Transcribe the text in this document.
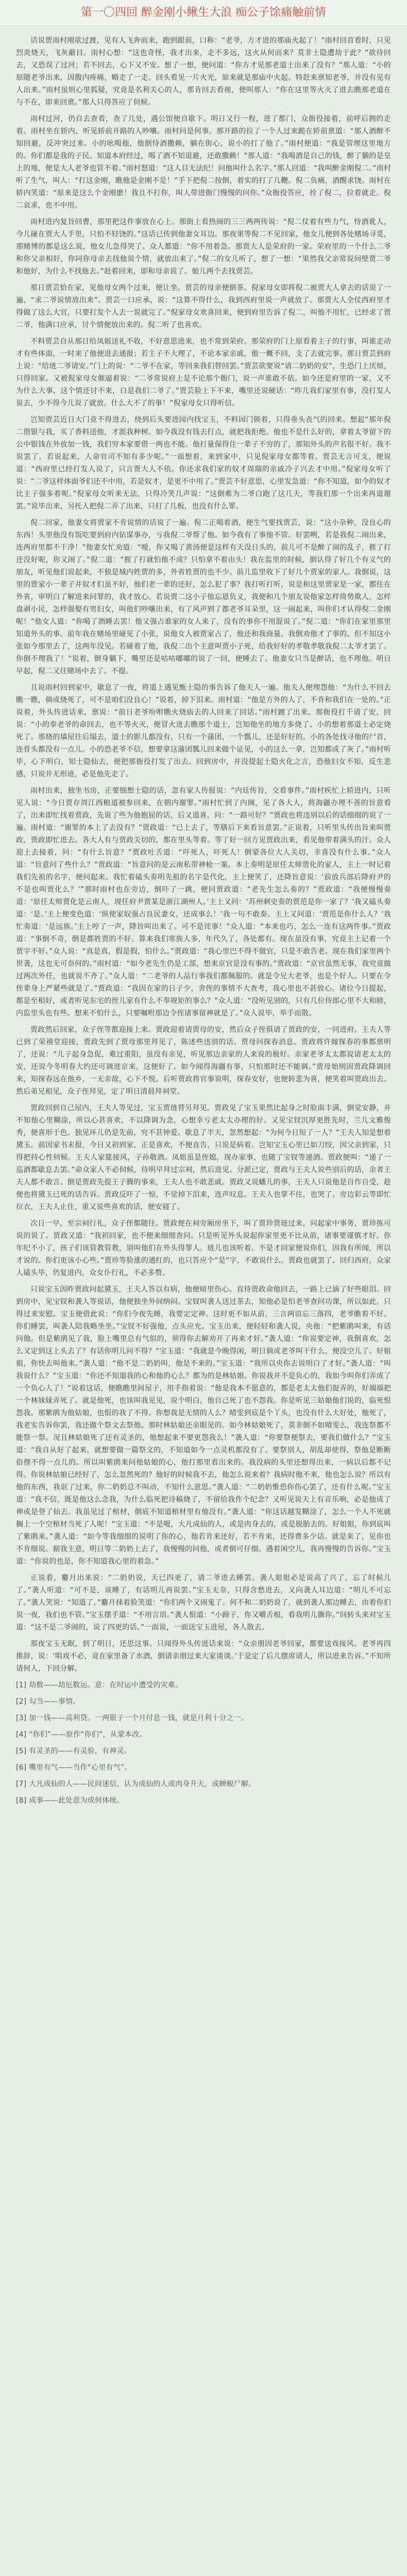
第一〇四回 醉金刚小鳅生大浪 痴公子馀痛触前情

话说贾雨村刚欲过渡，见有人飞奔而来，跑到跟前，口称：“老爷，方才进的那庙火起了！”雨村回首看时，只见烈炎烧天，飞灰蔽目。雨村心想：“这也奇怪，我才出来，走不多远，这火从何而来？莫非士隐遭劫于此？”欲待回去，又恐误了过河；若不回去，心下又不安。想了一想，便问道：“你方才见那老道士出来了没有？”那人道：“小的原随老爷出来，因腹内疼痛，略走了一走。回头看见一片火光，原来就是那庙中火起。特赶来禀知老爷，并没有见有人出来。”雨村虽则心里狐疑，究竟是名利关心的人，那肯回去看视，便叫那人：“你在这里等火灭了进去瞧那老道在与不在，即来回禀。”那人只得答应了伺候。

雨村过河，仍自去查看，查了几处，遇公馆便自歇下。明日又行一程，进了都门，众衙役接着，前呼后拥的走着。雨村坐在轿内，听见轿前开路的人吵嚷。雨村问是何事。那开路的拉了一个人过来跪在轿前禀道：“那人酒醉不知回避，反冲突过来。小的吆喝他，他倒恃酒撒赖，躺在街心，说小的打了他了。”雨村便道：“我是管理这里地方的。你们都是我的子民。知道本府经过，喝了酒不知退避，还敢撒赖！”那人道：“我喝酒是自己的钱，醉了躺的是皇上的地，便是大人老爷也管不着。”雨村怒道：“这人目无法纪！问他叫什么名字。”那人回道：“我叫醉金刚倪二。”雨村听了生气，叫人：“打这金刚，瞧他是金刚不是！”手下把倪二按倒，着实的打了几鞭。倪二负痛，酒醒求饶。雨村在轿内笑道：“原来是这么个金刚麽！我且不打你，叫人带进衙门慢慢的问你。”众衙役答应，拴了倪二，拉着就走。倪二哀求，也不中用。

雨村进内复旨回曹，那里把这件事放在心上。那街上看热闹的三三两两传说：“倪二仗着有些力气，恃酒讹人，今儿碰在贾大人手里，只怕不轻饶的。”这话已传到他妻女耳边。那夜果等倪二不见回家，他女儿便到各处赌场寻觅，那赌博的都是这么说，他女儿急得哭了。众人都道：“你不用着急。那贾大人是荣府的一家。荣府里的一个什么二爷和你父亲相好，你同你母亲去找他说个情，就放出来了。”倪二的女儿听了，想了一想：“果然我父亲常说间壁贾二爷和他好，为什么不找他去。”赶着回来，即和母亲说了。娘儿两个去找贾芸。

那日贾芸恰在家，见他母女两个过来，便让坐。贾芸的母亲便倒茶。倪家母女即将倪二被贾大人拿去的话说了一遍，“求二爷说情放出来”。贾芸一口应承，说：“这算不得什么，我到西府里说一声就放了。那贾大人全仗西府里才得做了这么大官，只要打发个人去一说就完了。”倪家母女欢喜回来，便到府里告诉了倪二，叫他不用忙，已经求了贾二爷，他满口应承，讨个情便放出来的。倪二听了也喜欢。

不料贾芸自从那日给凤姐送礼不收，不好意思进来，也不常到荣府。那荣府的门上原看着主子的行事，叫谁走动才有些体面，一时来了他便进去通报；若主子不大理了，不论本家亲戚，他一概不回，支了去就完事。那日贾芸到府上说：“给琏二爷请安。”门上的说：“二爷不在家，等回来我们替回罢。”贾芸欲要说“请二奶奶的安”，生恐门上厌烦，只得回家。又被倪家母女催逼着说：“二爷常说府上是不论那个衙门，说一声谁敢不依。如今还是府里的一家，又不为什么大事，这个情还讨不来，白是我们二爷了。”贾芸脸上下不来，嘴里还说硬话：“昨儿我们家里有事，没打发人说去，少不得今儿说了就放。什么大不了的事！”倪家母女只得听信。

岂知贾芸近日大门竟不得进去，绕到后头要进园内找宝玉，不料园门锁着，只得垂头丧气的回来。想起“那年倪二借银与我，买了香料送他，才派我种树。如今我没有钱去打点，就把我拒绝。他也不是什么好的，拿着太爷留下的公中银钱在外放加一钱，我们穷本家要借一两也不能。他打量保得住一辈子不穷的了，那知外头的声名很不好。我不说罢了，若说起来，人命官司不知有多少呢。”一面想着，来到家中，只见倪家母女都等着。贾芸无言可支，便说道：“西府里已经打发人说了，只言贾大人不依。你还求我们家的奴才周瑞的亲戚冷子兴去才中用。”倪家母女听了说：“二爷这样体面爷们还不中用，若是奴才，是更不中用了。”贾芸不好意思，心里发急道：“你不知道，如今的奴才比主子强多着呢。”倪家母女听来无法，只得冷笑几声说：“这倒难为二爷白跑了这几天，等我们那一个出来再道谢罢。”说毕出来，另托人把倪二弄了出来，只打了几板，也没有什么罪。

倪二回家，他妻女将贾家不肯说情的话说了一遍。倪二正喝着酒，便生气要找贾芸，说：“这小杂种，没良心的东西！头里他没有饭吃要到府内钻谋事办，亏我倪二爷帮了他。如今我有了事他不管。好罢咧，若是我倪二闹出来，连两府里都不干净！”他妻女忙劝道：“嗳，你又喝了黄汤便是这样有天没日头的，前儿可不是醉了闹的乱子，捱了打还没好呢，你又闹了。”倪二道：“捱了打就怕他不成？只怕拿不着由头！我在监里的时候，倒认得了好几个有义气的朋友，听见他们说起来，不独是城内姓贾的多，外省姓贾的也不少。前儿监里收下了好几个贾家的家人。我倒说，这里的贾家小一辈子并奴才们虽不好，他们老一辈的还好，怎么犯了事？我打听打听，说是和这里贾家是一家，都住在外省，审明白了解进来问罪的，我才放心。若说贾二这小子他忘恩负义，我便和几个朋友说他家怎样倚势欺人，怎样盘剥小民，怎样强娶有男妇女，叫他们吵嚷出来，有了风声到了都老爷耳朵里，这一闹起来，叫你们才认得倪二金刚呢！”他女人道：“你喝了酒睡去罢！他又强占谁家的女人来了，没有的事你不用混说了。”倪二道：“你们在家里那里知道外头的事。前年我在赌场里碰见了小张，说他女人被贾家占了，他还和我商量。我倒劝他才了事的。但不知这小张如今那里去了，这两年没见。若碰着了他，我倪二出个主意叫贾小子死，给我好好的孝敬孝敬我倪二太爷才罢了。你倒不理我了！”说着，倒身躺下，嘴里还是咕咕嘟嘟的说了一回，便睡去了。他妻女只当是醉话，也不理他。明日早起，倪二又往赌场中去了。不提。

且说雨村回到家中，歇息了一夜，将道上遇见甄士隐的事告诉了他夫人一遍。他夫人便埋怨他：“为什么不回去瞧一瞧，倘或烧死了，可不是咱们没良心！”说着，掉下泪来。雨村道：“他是方外的人了，不肯和我们在一处的。”正说着，外头传进话来，禀说：“前日老爷吩咐瞧火烧庙去的人回来了回话。”雨村踱了出来。那衙役打千请了安，回说：“小的奉老爷的命回去，也不等火灭，便冒火进去瞧那个道士，岂知他坐的地方多烧了。小的想着那道士必定烧死了。那烧的墙屋往后塌去，道士的影儿都没有，只有一个蒲团，一个瓢儿，还是好好的。小的各处找寻他的尸首，连骨头都没有一点儿。小的恐老爷不信，想要拿这蒲团瓢儿回来做个证见，小的这么一拿，岂知都成了灰了。”雨村听毕，心下明白，知士隐仙去，便把那衙役打发了出去。回到房中，并没提起士隐火化之言，恐他妇女不知，反生悲感，只说并无形迹，必是他先走了。

雨村出来，独坐书房，正要细想士隐的话，忽有家人传报说：“内廷传旨，交看事件。”雨村疾忙上轿进内，只听见人说：“今日贾存周江西粮道被参回来，在朝内谢罪。”雨村忙到了内阁，见了各大人，将海疆办理不善的旨意看了，出来即忙找着贾政，先说了些为他抱屈的话，后又道喜，问：“一路可好？”贾政也将违别以后的话细细的说了一遍。雨村道：“谢罪的本上了去没有？”贾政道：“已上去了，等膳后下来看旨意罢。”正说着，只听里头传出旨来叫贾政，贾政即忙进去。各大人有与贾政关切的，都在里头等着。等了好一回方见贾政出来，看见他带着满头的汗。众人迎上去接着，问：“有什么旨意？”贾政吐舌道：“吓死人，吓死人！倒蒙各位大人关切，幸喜没有什么事。”众人道：“旨意问了些什么？”贾政道：“旨意问的是云南私带神枪一案。本上奏明是原任太师贾化的家人，主上一时记着我们先祖的名字，便问起来。我忙着磕头奏明先祖的名字是代化，主上便笑了，还降旨意说：‘前放兵部后降府尹的不是也叫贾化么？’”那时雨村也在旁边，倒吓了一跳，便问贾政道：“老先生怎么奏的？”贾政道：“我便慢慢奏道：‘原任太师贾化是云南人，现任府尹贾某是浙江湖州人。’主上又问：‘苏州刺史奏的贾范是你一家了？’我又磕头奏道：‘是。’主上便变色道：‘纵使家奴强占良民妻女，还成事么！’我一句不敢奏。主上又问道：‘贾范是你什么人？’我忙奏道：‘是远族。’主上哼了一声，降旨叫出来了。可不是诧事！”众人道：“本来也巧，怎么一连有这两件事。”贾政道：“事倒不奇，倒是都姓贾的不好。算来我们寒族人多，年代久了，各处都有。现在虽没有事，究竟主上记着一个贾字不好。”众人说：“真是真，假是假，怕什么。”贾政道：“我心里巴不得不做官，只是不敢告老。现在我们家里两个世袭，这也无可奈何的。”雨村道：“如今老先生仍是工部，想来京官是没有事的。”贾政道：“京官虽然无事，我究竟做过两次外任，也就说不齐了。”众人道：“二老爷的人品行事我们都佩服的。就是令兄大老爷，也是个好人。只要在令侄辈身上严紧些就是了。”贾政道：“我因在家的日子少，舍侄的事情不大查考，我心里也不甚放心。诸位今日提起，都是至相好，或者听见东宅的侄儿家有什么不奉规矩的事么？”众人道：“没听见别的，只有几位侍郎心里不大和睦，内监里头也有些。想来不怕什么，只要嘱咐那边令侄诸事留神就是了。”众人说毕，举手而散。

贾政然后回家，众子侄等都迎接上来。贾政迎着请贾母的安，然后众子侄俱请了贾政的安，一同进府。王夫人等已到了荣禧堂迎接，贾政先到了贾母那里拜见了，陈述些违别的话。贾母问探春消息。贾政将许嫁探春的事都禀明了，还说：“儿子起身急促，难过重阳，虽没有亲见，听见那边亲家的人来说的极好。亲家老爷太太都说请老太太的安，还说今冬明春大约还可调进京来，这便好了。如今闻得海疆有事，只怕那时还不能调。”贾母始则因贾政降调回来，知探春远在他乡，一无亲故，心下不悦。后听贾政将官事说明，探春安好，也便转悲为喜，便笑着叫贾政出去。然后弟兄相见，众子侄拜见，定了明日清晨拜祠堂。

贾政回到自己屋内，王夫人等见过，宝玉贾琏替另拜见。贾政见了宝玉果然比起身之时脸面丰满，倒觉安静，并不知他心里糊涂，所以心甚喜欢，不以降调为念，心想幸亏老太太办理的好。又见宝钗沉厚更胜先时，兰儿文雅俊秀，便喜形于色。独见环儿仍是先前，究不甚钟爱。歇息了半天，忽然想起：“为何今日短了一人？”王夫人知是想着黛玉。前因家书未报，今日又初到家，正是喜欢，不便直告，只说是病着。岂知宝玉心里已如刀绞，因父亲到家，只得把持心性伺候。王夫人家筵接风，子孙敬酒。凤姐虽是侄媳，现办家事，也随了宝钗等递酒。贾政便叫：“递了一巡酒都歇息去罢。”命众家人不必伺候，待明早拜过宗祠，然后进见。分派已定，贾政与王夫人说些别后的话，余者王夫人都不敢言。倒是贾政先提王子腾的事来，王夫人也不敢悲戚。贾政又说蟠儿的事，王夫人只说他是自作自受，趁便也将黛玉已死的话告诉。贾政反吓了一惊，不觉掉下泪来，连声叹息。王夫人也掌不住，也哭了。旁边彩云等即忙拉衣，王夫人止住，重又说些喜欢的话，便安寝了。

次日一早，至宗祠行礼，众子侄都随往。贾政便在祠旁厢房坐下，叫了贾珍贾琏过来，问起家中事务，贾珍拣可说的说了。贾政又道：“我初回家，也不便来细细查问。只是听见外头说起你家里更不比从前，诸事要谨慎才好。你年纪不小了，孩子们该管教管教，别叫他们在外头得罪人。琏儿也该听着。不是才回家便说你们，因我有所闻，所以才说的。你们更该小心些。”贾珍等脸涨的通红的，也只答应个“是”字，不敢说什么。贾政也就罢了。回归西府，众家人磕头毕，仍复进内，众女仆行礼，不必多赘。

只说宝玉因昨贾政问起黛玉，王夫人答以有病，他便暗里伤心。直待贾政命他回去，一路上已滴了好些眼泪。回到房中，见宝钗和袭人等说话，他便独坐外间纳闷。宝钗叫袭人送过茶去，知他必是怕老爷查问功课，所以如此，只得过来安慰。宝玉便借此说：“你们今夜先睡，我要定定神。这时更不如从前，三言两语忘三落四，老爷瞧着不好。你们睡罢，叫袭人陪我略坐坐。”宝钗不好强他，点头应允。宝玉出来，便轻轻和袭人说，央他：“把紫鹃叫来，有话问他。但是紫鹃见了我，脸上嘴里总有气似的，须得你去解劝开了再来才好。”袭人道：“你说要定神，我倒喜欢，怎么又定到这上头去了？有话你明儿问不得？”宝玉道：“我就是今晚得闲，明日倘或老爷叫干什么，便没空儿了。好姐姐，你快去叫他来。”袭人道：“他不是二奶奶叫，他是不来的。”宝玉道：“我所以央你去说明白了才好。”袭人道：“叫我说什么？”宝玉道：“你还不知道我的心和他的心么？都为的是林姑娘。你说我并不是负心的，我如今叫你们弄成了一个负心人了！”说着这话，便瞧瞧里间屋子，用手指着说：“他是我本不愿意的，都是老太太他们捉弄的，好端端把一个林妹妹弄死了。就是他死，也该叫我见见，说个明白，他自己死了也不怨我。你是听见三姑娘他们说的，临死恨怨我。那紫鹃为他姑娘，也恨的我了不得。你想我是无情的人么？晴雯到底是个丫头，也没有什么大好处，他死了，我老实告诉你罢，我还做个祭文去祭他。那时林姑娘还亲眼见的。如今林姑娘死了，莫非倒不如晴雯么，我连祭都不能祭一祭。况且林姑娘死了还有灵圣的，他想起来不要更怨我么！”袭人道：“你要祭便祭去，要我们做什么？”宝玉道：“我自从好了起来，就想要做一篇祭文的，不知道如今一点灵机都没有了。要祭别人，胡乱却使得，祭他是断断俗俚不得一点儿的。所以叫紫鹃来问他姑娘的心，他打那里看出来的。我没病的头里还想得出来，一病以后都不记得。你说林姑娘已经好了，怎么忽然死的？他好的时候我不去，他怎么说来着？我病时他不来，他也怎么说？所以有他的东西，我诓了过来，你二奶奶总不叫动，不知什么意思。”袭人道：“二奶奶惟恐你伤心罢了，还有什么呢。”宝玉道：“我不信，既是他这么念我，为什么临死把诗稿烧了，不留给我作个纪念？又听见说天上有音乐响，必是他成了神或是登了仙去。我虽见过了棺材，倒底不知道棺材里有他没有。”袭人道：“你这话越发糊涂了，怎么一个人不死就搁上一个空棺材当死了人呢！”宝玉道：“不是嗄，大凡成仙的人，或是肉身去的，或是脱胎去的。好姐姐，你到底叫了紫鹃来。”袭人道：“如今等我细细的说明了你的心，他若肯来还好，若不肯来，还得费多少话。就是来了，见你也不肯细说。据我主意，明日等二奶奶上去了，我慢慢的问他，或者倒可仔细。遇着闲空儿，我再慢慢的告诉你。”宝玉道：“你说的也是，你不知道我心里的着急。”

正说着，麝月出来说：“二奶奶说，天已四更了，请二爷进去睡罢。袭人姐姐必是说高了兴了，忘了时候儿了。”袭人听道：“可不是，该睡了，有话明儿再说罢。”宝玉无奈，只得含愁进去，又向袭人耳边道：“明儿不可忘了。”袭人笑说：“知道了。”麝月抹着脸笑道：“你们两个又闹鬼了。何不和二奶奶说了，就到袭人那边睡去，由着你们说一夜，我们也不管。”宝玉摆手道：“不用言语。”袭人恨道：“小蹄子，你又嚼舌根，看我明儿撕你。”回转头来对宝玉道：“这不是二爷闹的，说了四更的话。”一面说，一面送宝玉进屋，各人散去。

那夜宝玉无眠，到了明日，还思这事。只闻得外头传进话来说：“众亲朋因老爷回家，都要送戏接风。老爷再四推辞，说：‘唱戏不必，竟在家里备了水酒，倒请亲朋过来大家谈谈。’于是定了后儿摆席请人，所以进来告诉。”不知所请何人，下回分解。

[1] 劫数——劫厄数运。意：在时运中遭受的灾难。

[2] 勾当——事情。

[3] 加一钱——高利贷。一两银子一个月付息一钱，就是月利十分之一。

[4] “你们”——原作“你们”，从蒙本改。

[5] 有灵圣的——有灵验，有神灵。

[6] 嘴里有气——当作“心里有气”。

[7] 大凡成仙的人——民间迷信，认为成仙的人或肉身升天，或蝉蜕尸解。

[8] 成事——此处意为成何体统。
